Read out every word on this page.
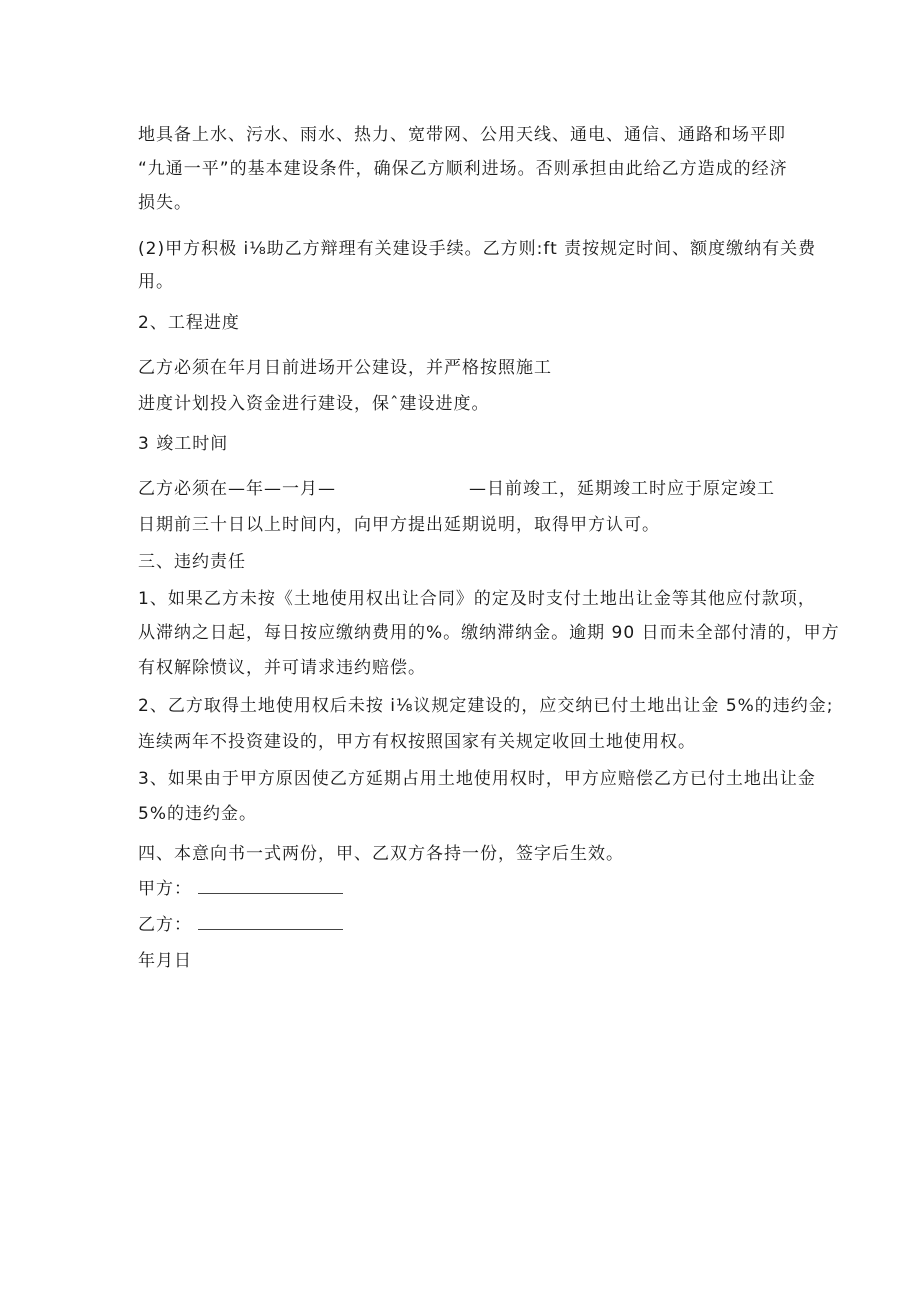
地具备上水、污水、雨水、热力、宽带网、公用天线、通电、通信、通路和场平即
“九通一平”的基本建设条件，确保乙方顺利进场。否则承担由此给乙方造成的经济
损失。
(2)甲方积极 i⅛助乙方辩理有关建设手续。乙方则:ft 责按规定时间、额度缴纳有关费
用。
2、工程进度
乙方必须在年月日前进场开公建设，并严格按照施工
进度计划投入资金进行建设，保ˆ建设进度。
3 竣工时间
乙方必须在—年—一月—	—日前竣工，延期竣工时应于原定竣工
日期前三十日以上时间内，向甲方提出延期说明，取得甲方认可。
三、违约责任
1、如果乙方未按《土地使用权出让合同》的定及时支付土地出让金等其他应付款项，
从滞纳之日起，每日按应缴纳费用的%。缴纳滞纳金。逾期 90 日而未全部付清的，甲方
有权解除愤议，并可请求违约赔偿。
2、乙方取得土地使用权后未按 i⅛议规定建设的，应交纳已付土地出让金 5%的违约金;
连续两年不投资建设的，甲方有权按照国家有关规定收回土地使用权。
3、如果由于甲方原因使乙方延期占用土地使用权时，甲方应赔偿乙方已付土地出让金
5%的违约金。
四、本意向书一式两份，甲、乙双方各持一份，签字后生效。
甲方：
乙方：
年月日
